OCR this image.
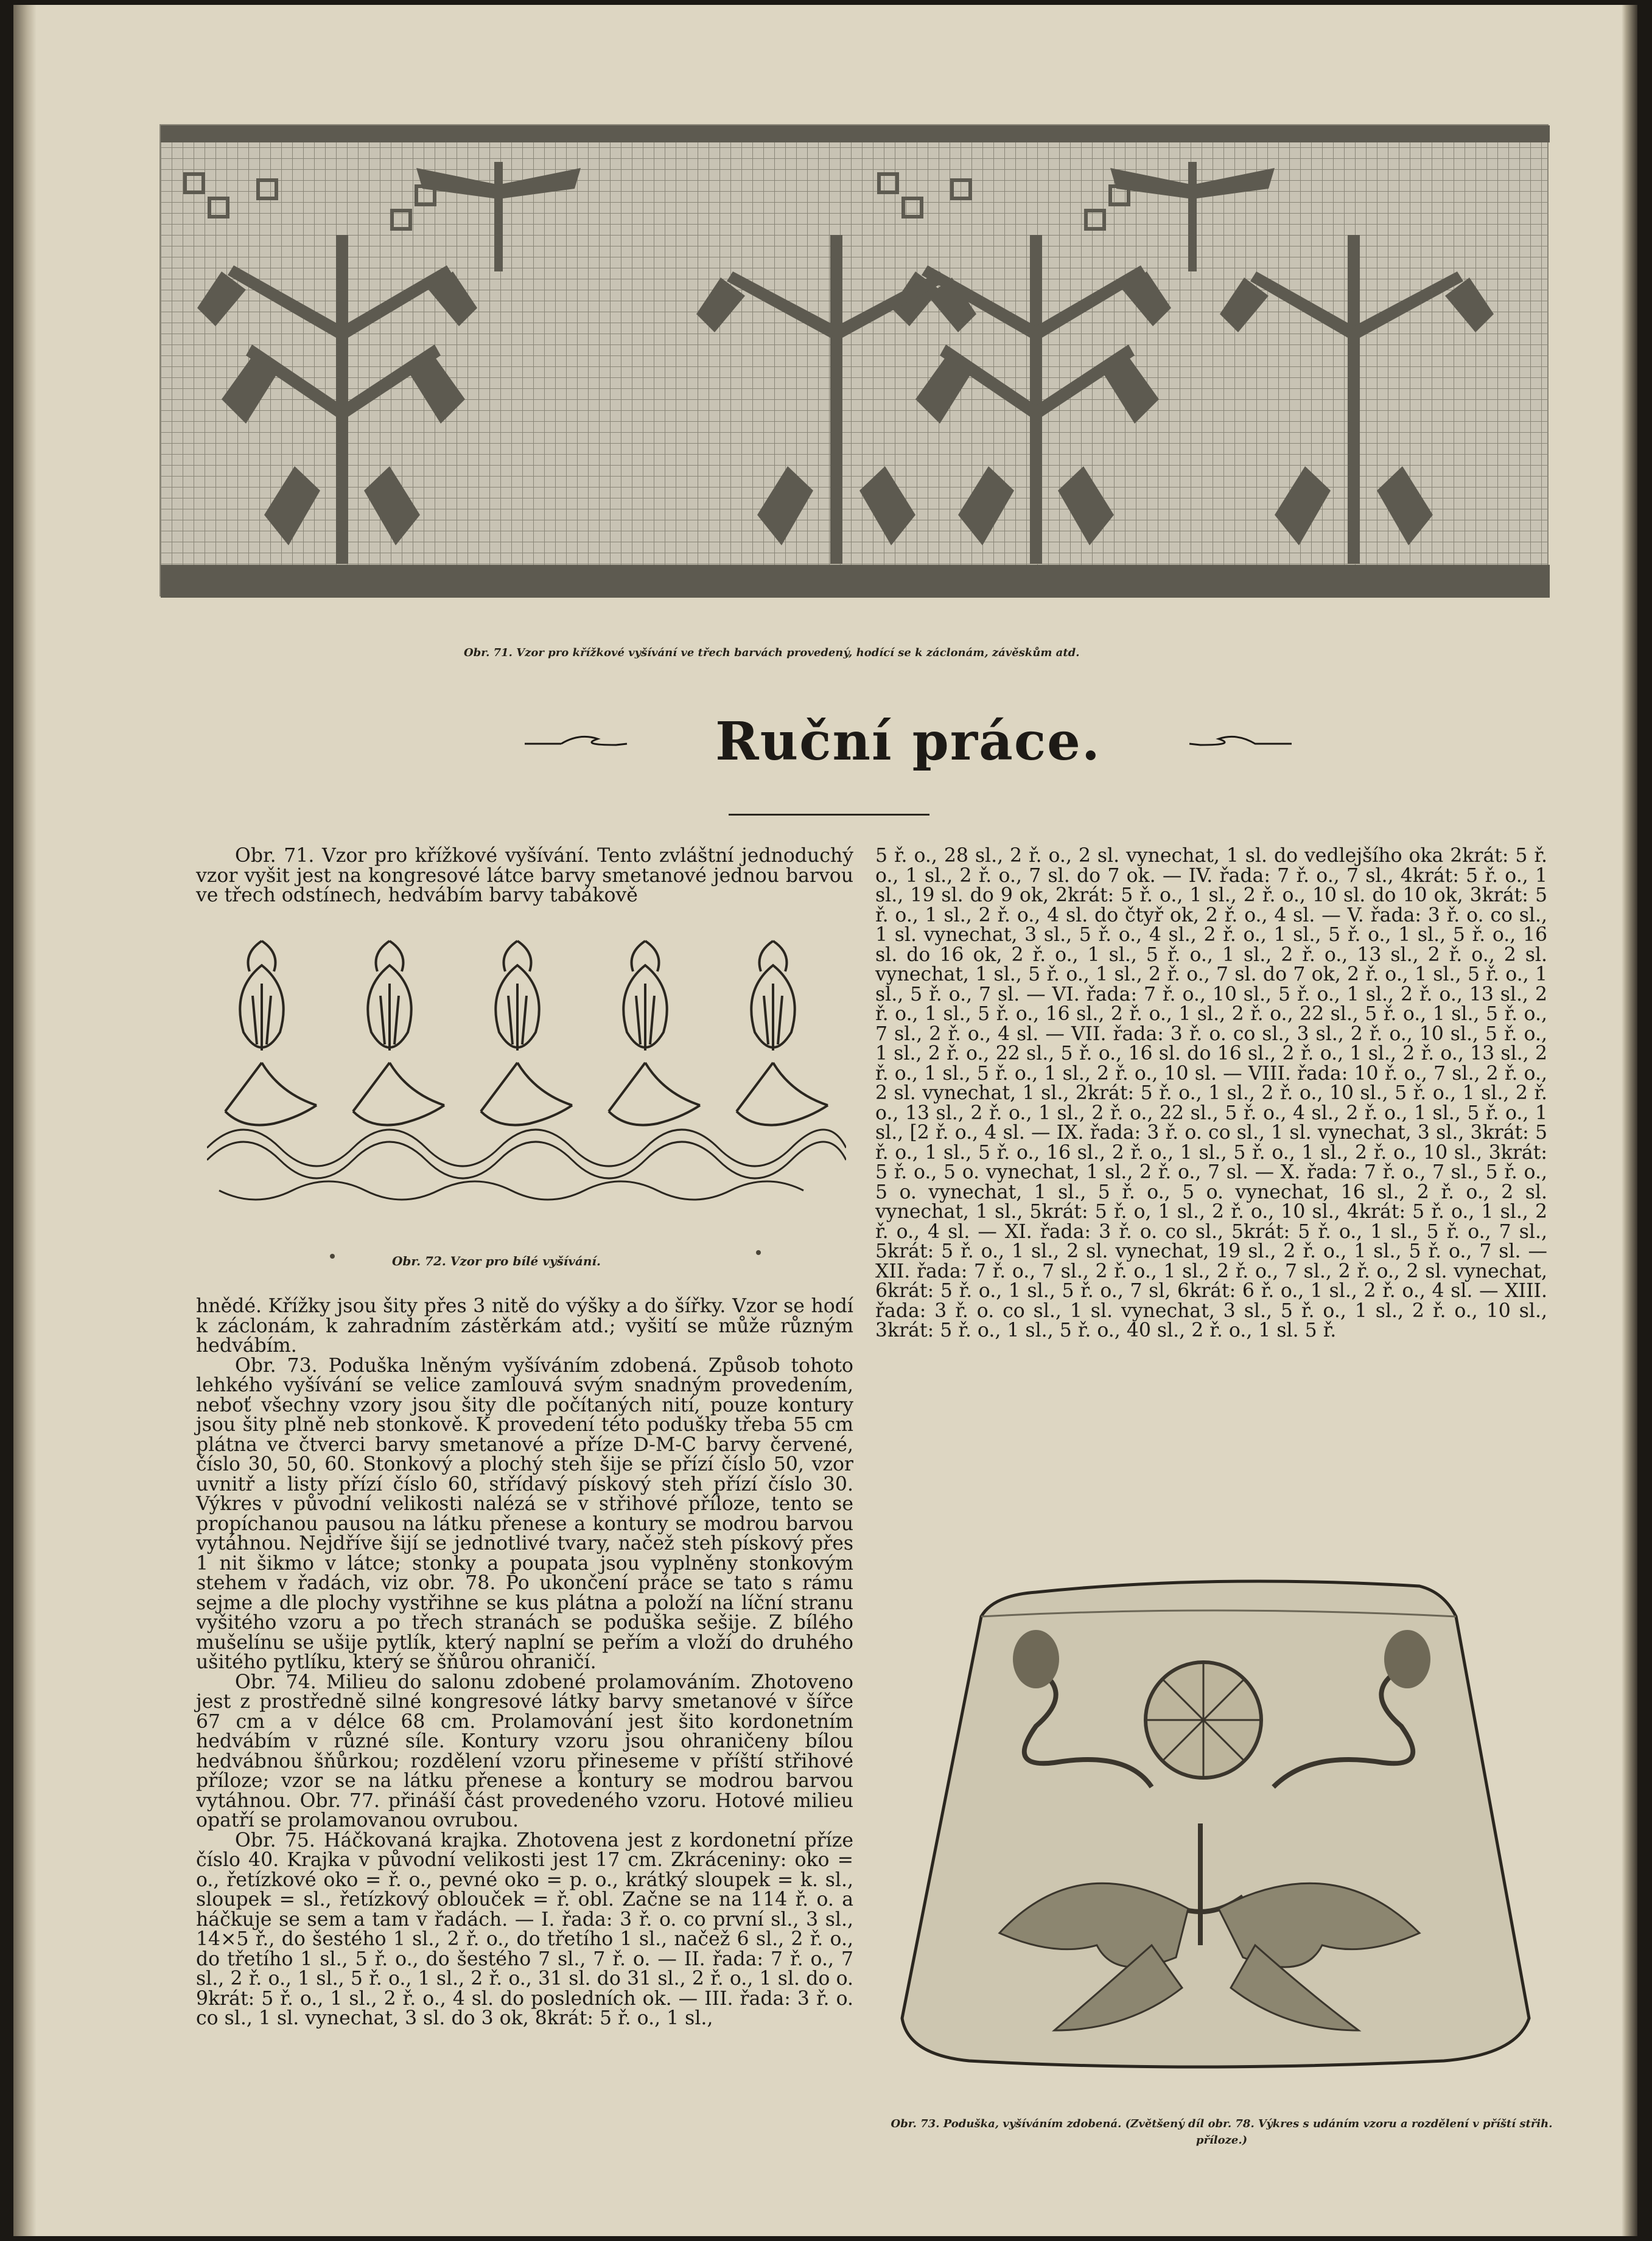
Obr. 71. Vzor pro křížkové vyšívání ve třech barvách provedený, hodící se k záclonám, závěskům atd.
Ruční práce.

Obr. 71. Vzor pro křížkové vyšívání. Tento zvláštní jednoduchý vzor vyšit jest na kongresové látce barvy smetanové jednou barvou ve třech odstínech, hedvábím barvy tabákově

Obr. 72. Vzor pro bílé vyšívání.

hnědé. Křížky jsou šity přes 3 nitě do výšky a do šířky. Vzor se hodí k záclonám, k zahradním zástěrkám atd.; vyšití se může různým hedvábím.

Obr. 73. Poduška lněným vyšíváním zdobená. Způsob tohoto lehkého vyšívání se velice zamlouvá svým snadným provedením, neboť všechny vzory jsou šity dle počítaných nití, pouze kontury jsou šity plně neb stonkově. K provedení této podušky třeba 55 cm plátna ve čtverci barvy smetanové a příze D-M-C barvy červené, číslo 30, 50, 60. Stonkový a plochý steh šije se přízí číslo 50, vzor uvnitř a listy přízí číslo 60, střídavý pískový steh přízí číslo 30. Výkres v původní velikosti nalézá se v střihové příloze, tento se propíchanou pausou na látku přenese a kontury se modrou barvou vytáhnou. Nejdříve šijí se jednotlivé tvary, načež steh pískový přes 1 nit šikmo v látce; stonky a poupata jsou vyplněny stonkovým stehem v řadách, viz obr. 78. Po ukončení práce se tato s rámu sejme a dle plochy vystřihne se kus plátna a položí na líční stranu vyšitého vzoru a po třech stranách se poduška sešije. Z bílého mušelínu se ušije pytlík, který naplní se peřím a vloží do druhého ušitého pytlíku, který se šňůrou ohraničí.

Obr. 74. Milieu do salonu zdobené prolamováním. Zhotoveno jest z prostředně silné kongresové látky barvy smetanové v šířce 67 cm a v délce 68 cm. Prolamování jest šito kordonetním hedvábím v různé síle. Kontury vzoru jsou ohraničeny bílou hedvábnou šňůrkou; rozdělení vzoru přineseme v příští střihové příloze; vzor se na látku přenese a kontury se modrou barvou vytáhnou. Obr. 77. přináší část provedeného vzoru. Hotové milieu opatří se prolamovanou ovrubou.

Obr. 75. Háčkovaná krajka. Zhotovena jest z kordonetní příze číslo 40. Krajka v původní velikosti jest 17 cm. Zkráceniny: oko = o., řetízkové oko = ř. o., pevné oko = p. o., krátký sloupek = k. sl., sloupek = sl., řetízkový oblouček = ř. obl. Začne se na 114 ř. o. a háčkuje se sem a tam v řadách. — I. řada: 3 ř. o. co první sl., 3 sl., 14×5 ř., do šestého 1 sl., 2 ř. o., do třetího 1 sl., načež 6 sl., 2 ř. o., do třetího 1 sl., 5 ř. o., do šestého 7 sl., 7 ř. o. — II. řada: 7 ř. o., 7 sl., 2 ř. o., 1 sl., 5 ř. o., 1 sl., 2 ř. o., 31 sl. do 31 sl., 2 ř. o., 1 sl. do o. 9krát: 5 ř. o., 1 sl., 2 ř. o., 4 sl. do posledních ok. — III. řada: 3 ř. o. co sl., 1 sl. vynechat, 3 sl. do 3 ok, 8krát: 5 ř. o., 1 sl.,

5 ř. o., 28 sl., 2 ř. o., 2 sl. vynechat, 1 sl. do vedlejšího oka 2krát: 5 ř. o., 1 sl., 2 ř. o., 7 sl. do 7 ok. — IV. řada: 7 ř. o., 7 sl., 4krát: 5 ř. o., 1 sl., 19 sl. do 9 ok, 2krát: 5 ř. o., 1 sl., 2 ř. o., 10 sl. do 10 ok, 3krát: 5 ř. o., 1 sl., 2 ř. o., 4 sl. do čtyř ok, 2 ř. o., 4 sl. — V. řada: 3 ř. o. co sl., 1 sl. vynechat, 3 sl., 5 ř. o., 4 sl., 2 ř. o., 1 sl., 5 ř. o., 1 sl., 5 ř. o., 16 sl. do 16 ok, 2 ř. o., 1 sl., 5 ř. o., 1 sl., 2 ř. o., 13 sl., 2 ř. o., 2 sl. vynechat, 1 sl., 5 ř. o., 1 sl., 2 ř. o., 7 sl. do 7 ok, 2 ř. o., 1 sl., 5 ř. o., 1 sl., 5 ř. o., 7 sl. — VI. řada: 7 ř. o., 10 sl., 5 ř. o., 1 sl., 2 ř. o., 13 sl., 2 ř. o., 1 sl., 5 ř. o., 16 sl., 2 ř. o., 1 sl., 2 ř. o., 22 sl., 5 ř. o., 1 sl., 5 ř. o., 7 sl., 2 ř. o., 4 sl. — VII. řada: 3 ř. o. co sl., 3 sl., 2 ř. o., 10 sl., 5 ř. o., 1 sl., 2 ř. o., 22 sl., 5 ř. o., 16 sl. do 16 sl., 2 ř. o., 1 sl., 2 ř. o., 13 sl., 2 ř. o., 1 sl., 5 ř. o., 1 sl., 2 ř. o., 10 sl. — VIII. řada: 10 ř. o., 7 sl., 2 ř. o., 2 sl. vynechat, 1 sl., 2krát: 5 ř. o., 1 sl., 2 ř. o., 10 sl., 5 ř. o., 1 sl., 2 ř. o., 13 sl., 2 ř. o., 1 sl., 2 ř. o., 22 sl., 5 ř. o., 4 sl., 2 ř. o., 1 sl., 5 ř. o., 1 sl., [2 ř. o., 4 sl. — IX. řada: 3 ř. o. co sl., 1 sl. vynechat, 3 sl., 3krát: 5 ř. o., 1 sl., 5 ř. o., 16 sl., 2 ř. o., 1 sl., 5 ř. o., 1 sl., 2 ř. o., 10 sl., 3krát: 5 ř. o., 5 o. vynechat, 1 sl., 2 ř. o., 7 sl. — X. řada: 7 ř. o., 7 sl., 5 ř. o., 5 o. vynechat, 1 sl., 5 ř. o., 5 o. vynechat, 16 sl., 2 ř. o., 2 sl. vynechat, 1 sl., 5krát: 5 ř. o, 1 sl., 2 ř. o., 10 sl., 4krát: 5 ř. o., 1 sl., 2 ř. o., 4 sl. — XI. řada: 3 ř. o. co sl., 5krát: 5 ř. o., 1 sl., 5 ř. o., 7 sl., 5krát: 5 ř. o., 1 sl., 2 sl. vynechat, 19 sl., 2 ř. o., 1 sl., 5 ř. o., 7 sl. — XII. řada: 7 ř. o., 7 sl., 2 ř. o., 1 sl., 2 ř. o., 7 sl., 2 ř. o., 2 sl. vynechat, 6krát: 5 ř. o., 1 sl., 5 ř. o., 7 sl, 6krát: 6 ř. o., 1 sl., 2 ř. o., 4 sl. — XIII. řada: 3 ř. o. co sl., 1 sl. vynechat, 3 sl., 5 ř. o., 1 sl., 2 ř. o., 10 sl., 3krát: 5 ř. o., 1 sl., 5 ř. o., 40 sl., 2 ř. o., 1 sl. 5 ř.

Obr. 73. Poduška, vyšíváním zdobená. (Zvětšený díl obr. 78. Výkres s udáním vzoru a rozdělení v příští střih. příloze.)
